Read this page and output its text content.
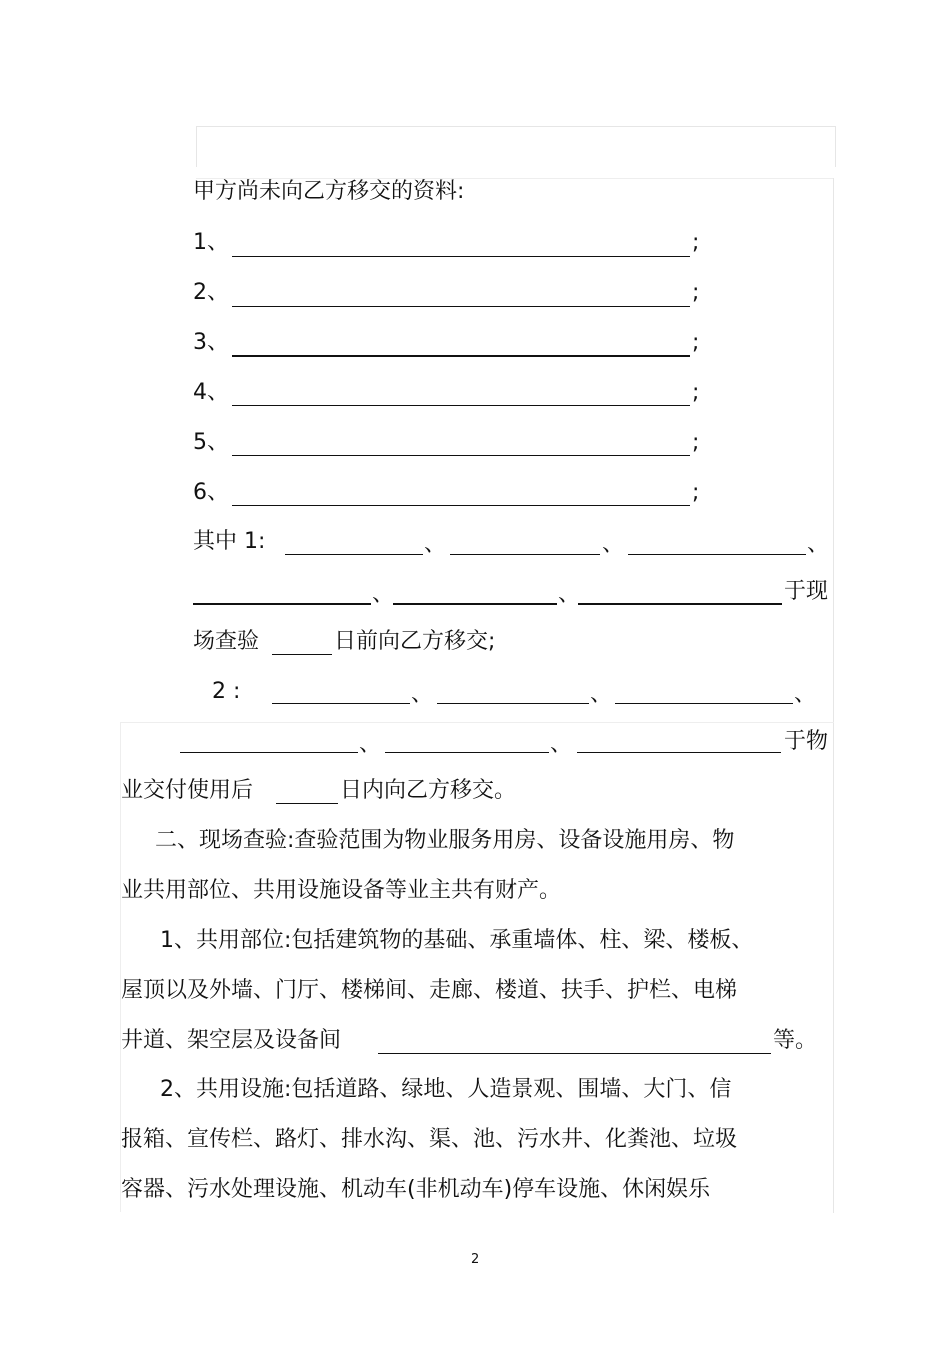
甲方尚未向乙方移交的资料:
1、	;
2、	;
3、	;
4、	;
5、	;
6、	;
其中 1:	、	、	、
、	、	于现
场查验	日前向乙方移交;
2 :	、	、	、
、	、	于物
业交付使用后	日内向乙方移交。
二、现场查验:查验范围为物业服务用房、设备设施用房、物
业共用部位、共用设施设备等业主共有财产。
1、共用部位:包括建筑物的基础、承重墙体、柱、梁、楼板、
屋顶以及外墙、门厅、楼梯间、走廊、楼道、扶手、护栏、电梯
井道、架空层及设备间	等。
2、共用设施:包括道路、绿地、人造景观、围墙、大门、信
报箱、宣传栏、路灯、排水沟、渠、池、污水井、化粪池、垃圾
容器、污水处理设施、机动车(非机动车)停车设施、休闲娱乐
2
